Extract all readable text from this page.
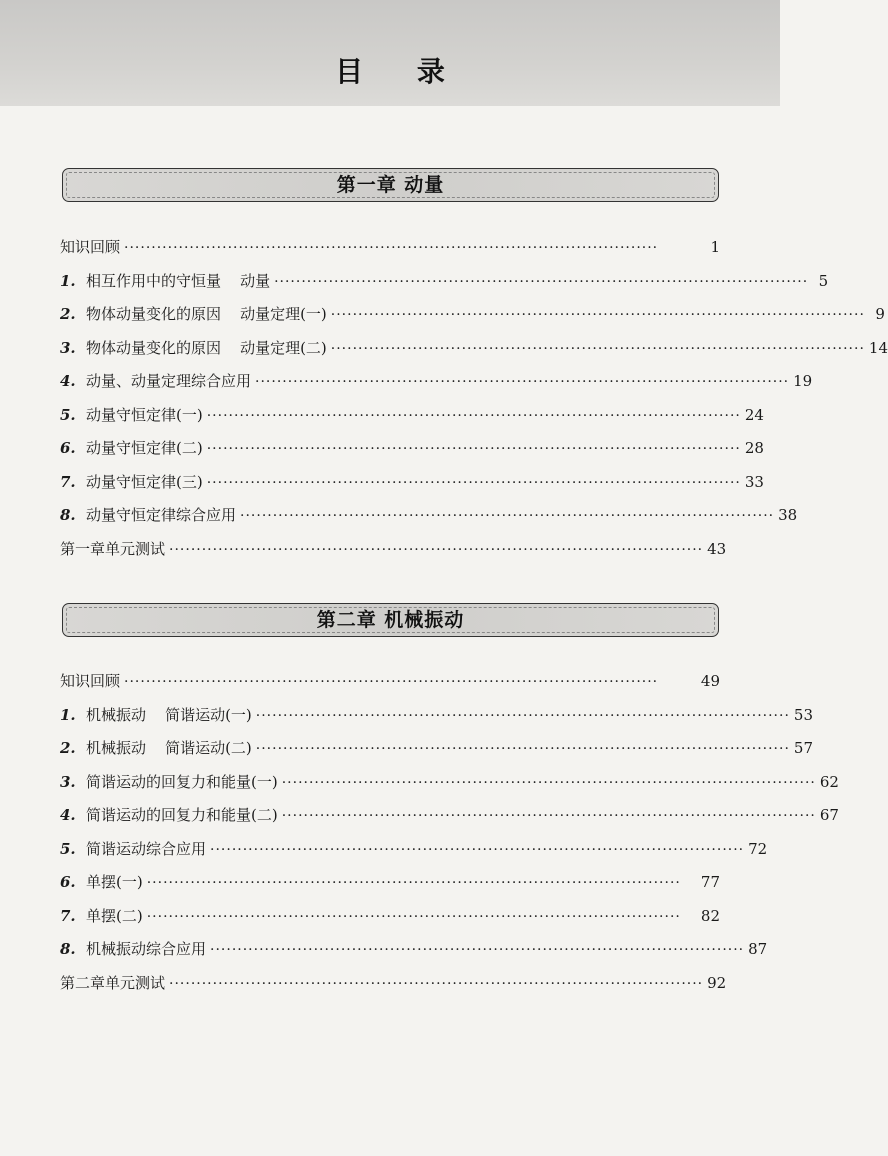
目 录
第一章 动量
知识回顾 ··································································································	1
1. 相互作用中的守恒量    动量 ·································································································· 5
2. 物体动量变化的原因    动量定理(一) ·································································································· 9
3. 物体动量变化的原因    动量定理(二) ·································································································· 14
4. 动量、动量定理综合应用 ·································································································· 19
5. 动量守恒定律(一) ·································································································· 24
6. 动量守恒定律(二) ·································································································· 28
7. 动量守恒定律(三) ·································································································· 33
8. 动量守恒定律综合应用 ·································································································· 38
第一章单元测试 ·································································································· 43
第二章 机械振动
知识回顾 ··································································································	49
1. 机械振动    简谐运动(一) ·································································································· 53
2. 机械振动    简谐运动(二) ·································································································· 57
3. 简谐运动的回复力和能量(一) ·································································································· 62
4. 简谐运动的回复力和能量(二) ·································································································· 67
5. 简谐运动综合应用 ·································································································· 72
6. 单摆(一) ··································································································	77
7. 单摆(二) ··································································································	82
8. 机械振动综合应用 ·································································································· 87
第二章单元测试 ·································································································· 92
